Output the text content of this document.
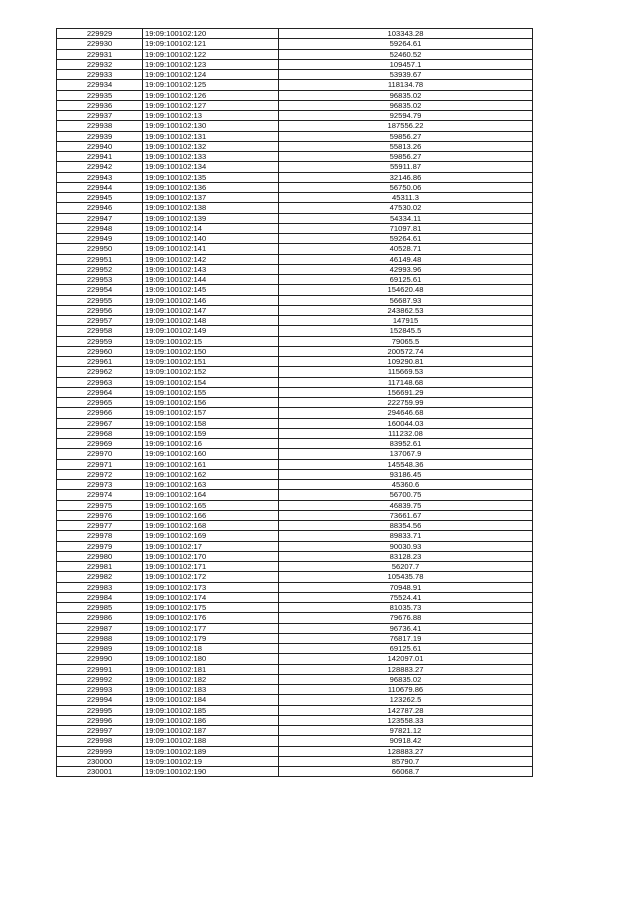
229929	19:09:100102:120	103343.28
229930	19:09:100102:121	59264.61
229931	19:09:100102:122	52460.52
229932	19:09:100102:123	109457.1
229933	19:09:100102:124	53939.67
229934	19:09:100102:125	118134.78
229935	19:09:100102:126	96835.02
229936	19:09:100102:127	96835.02
229937	19:09:100102:13	92594.79
229938	19:09:100102:130	187556.22
229939	19:09:100102:131	59856.27
229940	19:09:100102:132	55813.26
229941	19:09:100102:133	59856.27
229942	19:09:100102:134	55911.87
229943	19:09:100102:135	32146.86
229944	19:09:100102:136	56750.06
229945	19:09:100102:137	45311.3
229946	19:09:100102:138	47530.02
229947	19:09:100102:139	54334.11
229948	19:09:100102:14	71097.81
229949	19:09:100102:140	59264.61
229950	19:09:100102:141	40528.71
229951	19:09:100102:142	46149.48
229952	19:09:100102:143	42993.96
229953	19:09:100102:144	69125.61
229954	19:09:100102:145	154620.48
229955	19:09:100102:146	56687.93
229956	19:09:100102:147	243862.53
229957	19:09:100102:148	147915
229958	19:09:100102:149	152845.5
229959	19:09:100102:15	79065.5
229960	19:09:100102:150	200572.74
229961	19:09:100102:151	109290.81
229962	19:09:100102:152	115669.53
229963	19:09:100102:154	117148.68
229964	19:09:100102:155	156691.29
229965	19:09:100102:156	222759.99
229966	19:09:100102:157	294646.68
229967	19:09:100102:158	160044.03
229968	19:09:100102:159	111232.08
229969	19:09:100102:16	83952.61
229970	19:09:100102:160	137067.9
229971	19:09:100102:161	145548.36
229972	19:09:100102:162	93186.45
229973	19:09:100102:163	45360.6
229974	19:09:100102:164	56700.75
229975	19:09:100102:165	46839.75
229976	19:09:100102:166	73661.67
229977	19:09:100102:168	88354.56
229978	19:09:100102:169	89833.71
229979	19:09:100102:17	90030.93
229980	19:09:100102:170	83128.23
229981	19:09:100102:171	56207.7
229982	19:09:100102:172	105435.78
229983	19:09:100102:173	70948.91
229984	19:09:100102:174	75524.41
229985	19:09:100102:175	81035.73
229986	19:09:100102:176	79676.88
229987	19:09:100102:177	96736.41
229988	19:09:100102:179	76817.19
229989	19:09:100102:18	69125.61
229990	19:09:100102:180	142097.01
229991	19:09:100102:181	128883.27
229992	19:09:100102:182	96835.02
229993	19:09:100102:183	110679.86
229994	19:09:100102:184	123262.5
229995	19:09:100102:185	142787.28
229996	19:09:100102:186	123558.33
229997	19:09:100102:187	97821.12
229998	19:09:100102:188	90918.42
229999	19:09:100102:189	128883.27
230000	19:09:100102:19	85790.7
230001	19:09:100102:190	66068.7
